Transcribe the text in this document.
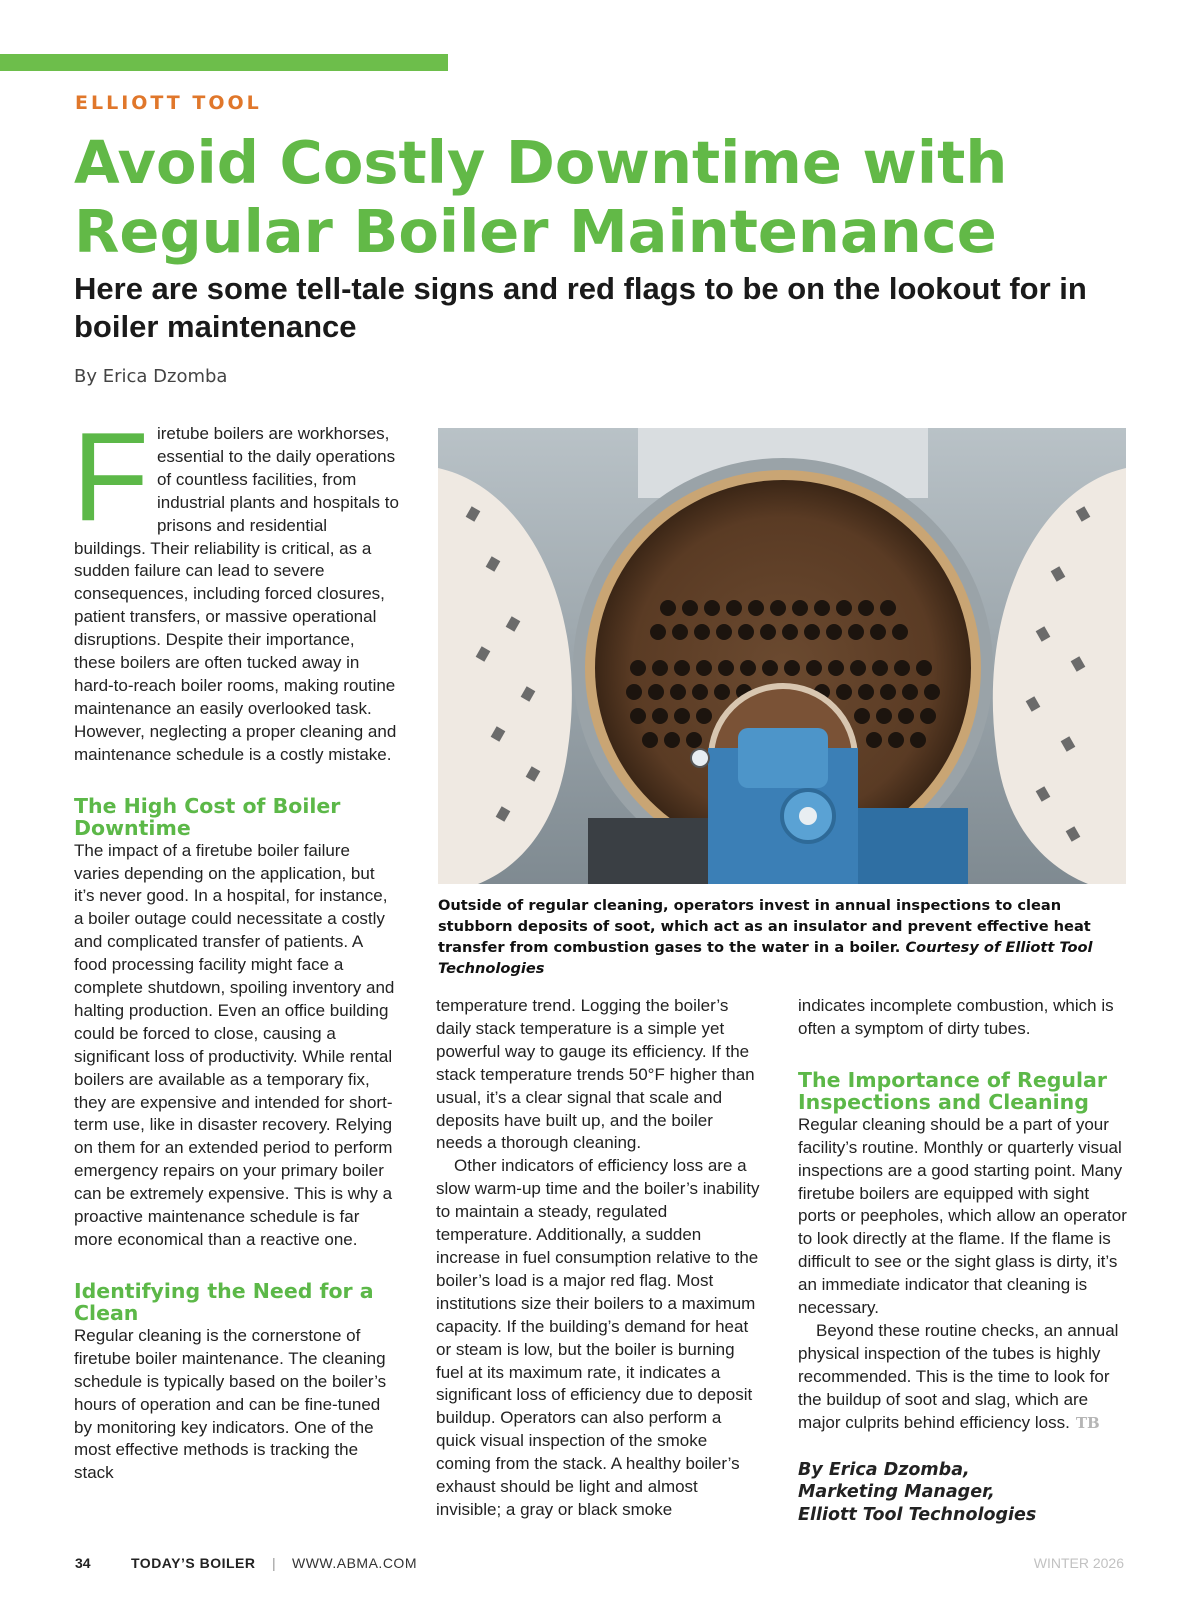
ELLIOTT TOOL
Avoid Costly Downtime with Regular Boiler Maintenance
Here are some tell-tale signs and red flags to be on the lookout for in boiler maintenance
By Erica Dzomba
F iretube boilers are workhorses, essential to the daily operations of countless facilities, from industrial plants and hospitals to prisons and residential buildings. Their reliability is critical, as a sudden failure can lead to severe consequences, including forced closures, patient transfers, or massive operational disruptions. Despite their importance, these boilers are often tucked away in hard-to-reach boiler rooms, making routine maintenance an easily overlooked task. However, neglecting a proper cleaning and maintenance schedule is a costly mistake.

The High Cost of Boiler Downtime

The impact of a firetube boiler failure varies depending on the application, but it’s never good. In a hospital, for instance, a boiler outage could necessitate a costly and complicated transfer of patients. A food processing facility might face a complete shutdown, spoiling inventory and halting production. Even an office building could be forced to close, causing a significant loss of productivity. While rental boilers are available as a temporary fix, they are expensive and intended for short-term use, like in disaster recovery. Relying on them for an extended period to perform emergency repairs on your primary boiler can be extremely expensive. This is why a proactive maintenance schedule is far more economical than a reactive one.

Identifying the Need for a Clean

Regular cleaning is the cornerstone of firetube boiler maintenance. The cleaning schedule is typically based on the boiler’s hours of operation and can be fine-tuned by monitoring key indicators. One of the most effective methods is tracking the stack

Outside of regular cleaning, operators invest in annual inspections to clean stubborn deposits of soot, which act as an insulator and prevent effective heat transfer from combustion gases to the water in a boiler. Courtesy of Elliott Tool Technologies

temperature trend. Logging the boiler’s daily stack temperature is a simple yet powerful way to gauge its efficiency. If the stack temperature trends 50°F higher than usual, it’s a clear signal that scale and deposits have built up, and the boiler needs a thorough cleaning.

Other indicators of efficiency loss are a slow warm-up time and the boiler’s inability to maintain a steady, regulated temperature. Additionally, a sudden increase in fuel consumption relative to the boiler’s load is a major red flag. Most institutions size their boilers to a maximum capacity. If the building’s demand for heat or steam is low, but the boiler is burning fuel at its maximum rate, it indicates a significant loss of efficiency due to deposit buildup. Operators can also perform a quick visual inspection of the smoke coming from the stack. A healthy boiler’s exhaust should be light and almost invisible; a gray or black smoke

indicates incomplete combustion, which is often a symptom of dirty tubes.

The Importance of Regular Inspections and Cleaning

Regular cleaning should be a part of your facility’s routine. Monthly or quarterly visual inspections are a good starting point. Many firetube boilers are equipped with sight ports or peepholes, which allow an operator to look directly at the flame. If the flame is difficult to see or the sight glass is dirty, it’s an immediate indicator that cleaning is necessary.

Beyond these routine checks, an annual physical inspection of the tubes is highly recommended. This is the time to look for the buildup of soot and slag, which are major culprits behind efficiency loss. TB

By Erica Dzomba,
Marketing Manager,
Elliott Tool Technologies
34	TODAY’S BOILER | WWW.ABMA.COM	WINTER 2026
